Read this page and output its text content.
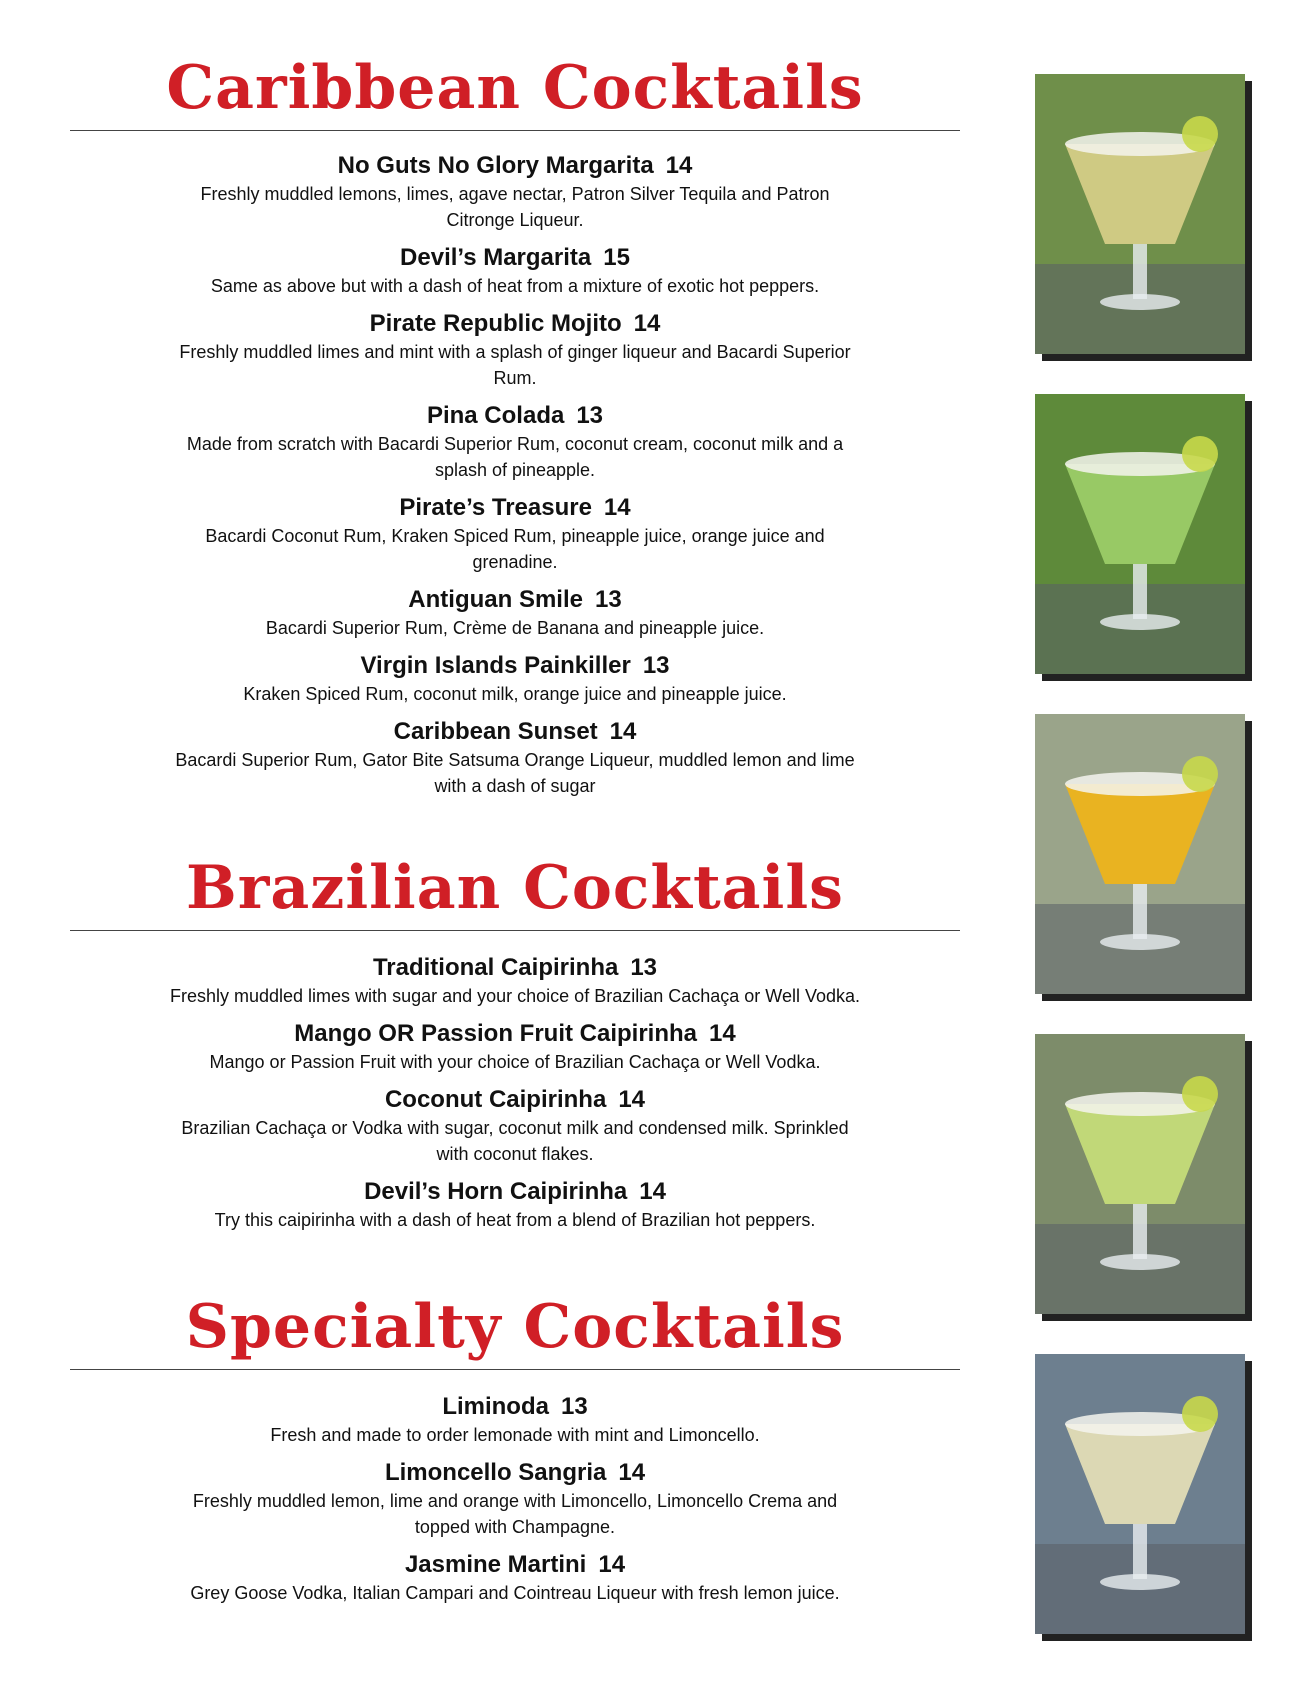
Caribbean Cocktails
No Guts No Glory Margarita 14
Freshly muddled lemons, limes, agave nectar, Patron Silver Tequila and Patron Citronge Liqueur.
Devil’s Margarita 15
Same as above but with a dash of heat from a mixture of exotic hot peppers.
Pirate Republic Mojito 14
Freshly muddled limes and mint with a splash of ginger liqueur and Bacardi Superior Rum.
Pina Colada 13
Made from scratch with Bacardi Superior Rum, coconut cream, coconut milk and a splash of pineapple.
Pirate’s Treasure 14
Bacardi Coconut Rum, Kraken Spiced Rum, pineapple juice, orange juice and grenadine.
Antiguan Smile 13
Bacardi Superior Rum, Crème de Banana and pineapple juice.
Virgin Islands Painkiller 13
Kraken Spiced Rum, coconut milk, orange juice and pineapple juice.
Caribbean Sunset 14
Bacardi Superior Rum, Gator Bite Satsuma Orange Liqueur, muddled lemon and lime with a dash of sugar
Brazilian Cocktails
Traditional Caipirinha 13
Freshly muddled limes with sugar and your choice of Brazilian Cachaça or Well Vodka.
Mango OR Passion Fruit Caipirinha 14
Mango or Passion Fruit with your choice of Brazilian Cachaça or Well Vodka.
Coconut Caipirinha 14
Brazilian Cachaça or Vodka with sugar, coconut milk and condensed milk. Sprinkled with coconut flakes.
Devil’s Horn Caipirinha 14
Try this caipirinha with a dash of heat from a blend of Brazilian hot peppers.
Specialty Cocktails
Liminoda 13
Fresh and made to order lemonade with mint and Limoncello.
Limoncello Sangria 14
Freshly muddled lemon, lime and orange with Limoncello, Limoncello Crema and topped with Champagne.
Jasmine Martini 14
Grey Goose Vodka, Italian Campari and Cointreau Liqueur with fresh lemon juice.
